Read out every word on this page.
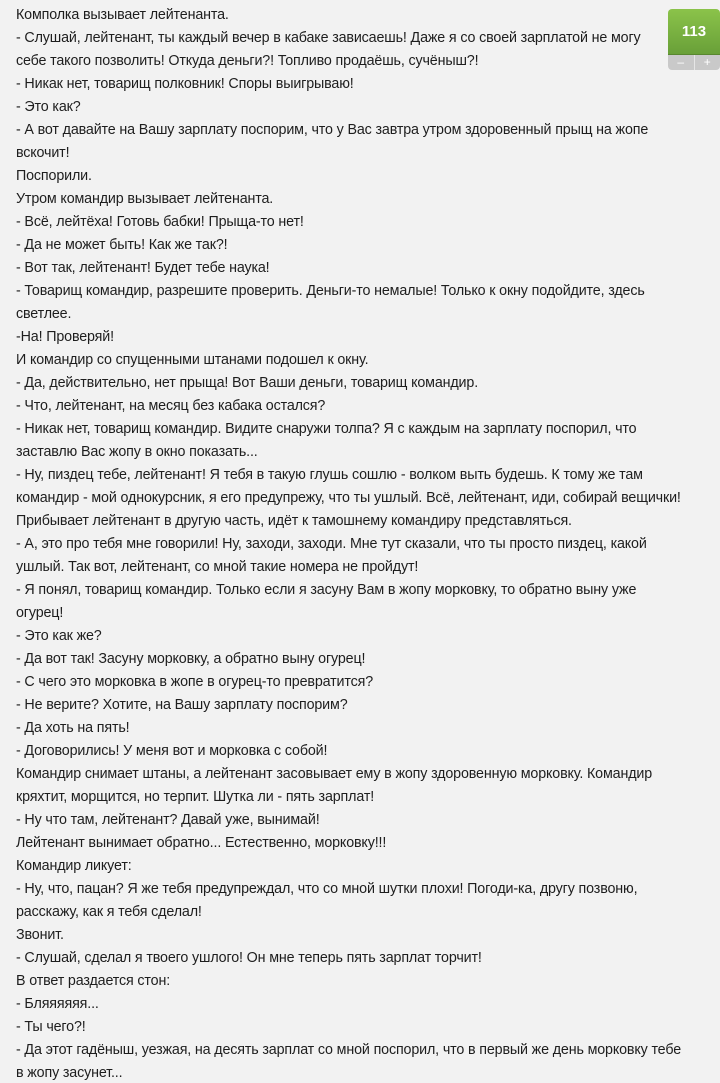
Комполка вызывает лейтенанта.
- Слушай, лейтенант, ты каждый вечер в кабаке зависаешь! Даже я со своей зарплатой не могу
себе такого позволить! Откуда деньги?! Топливо продаёшь, сучёныш?!
- Никак нет, товарищ полковник! Споры выигрываю!
- Это как?
- А вот давайте на Вашу зарплату поспорим, что у Вас завтра утром здоровенный прыщ на жопе
вскочит!
Поспорили.
Утром командир вызывает лейтенанта.
- Всё, лейтёха! Готовь бабки! Прыща-то нет!
- Да не может быть! Как же так?!
- Вот так, лейтенант! Будет тебе наука!
- Товарищ командир, разрешите проверить. Деньги-то немалые! Только к окну подойдите, здесь
светлее.
-На! Проверяй!
И командир со спущенными штанами подошел к окну.
- Да, действительно, нет прыща! Вот Ваши деньги, товарищ командир.
- Что, лейтенант, на месяц без кабака остался?
- Никак нет, товарищ командир. Видите снаружи толпа? Я с каждым на зарплату поспорил, что
заставлю Вас жопу в окно показать...
- Ну, пиздец тебе, лейтенант! Я тебя в такую глушь сошлю - волком выть будешь. К тому же там
командир - мой однокурсник, я его предупрежу, что ты ушлый. Всё, лейтенант, иди, собирай вещички!
Прибывает лейтенант в другую часть, идёт к тамошнему командиру представляться.
- А, это про тебя мне говорили! Ну, заходи, заходи. Мне тут сказали, что ты просто пиздец, какой
ушлый. Так вот, лейтенант, со мной такие номера не пройдут!
- Я понял, товарищ командир. Только если я засуну Вам в жопу морковку, то обратно выну уже
огурец!
- Это как же?
- Да вот так! Засуну морковку, а обратно выну огурец!
- С чего это морковка в жопе в огурец-то превратится?
- Не верите? Хотите, на Вашу зарплату поспорим?
- Да хоть на пять!
- Договорились! У меня вот и морковка с собой!
Командир снимает штаны, а лейтенант засовывает ему в жопу здоровенную морковку. Командир
кряхтит, морщится, но терпит. Шутка ли - пять зарплат!
- Ну что там, лейтенант? Давай уже, вынимай!
Лейтенант вынимает обратно... Естественно, морковку!!!
Командир ликует:
- Ну, что, пацан? Я же тебя предупреждал, что со мной шутки плохи! Погоди-ка, другу позвоню,
расскажу, как я тебя сделал!
Звонит.
- Слушай, сделал я твоего ушлого! Он мне теперь пять зарплат торчит!
В ответ раздается стон:
- Бляяяяяя...
- Ты чего?!
- Да этот гадёныш, уезжая, на десять зарплат со мной поспорил, что в первый же день морковку тебе
в жопу засунет...
113
–	+
